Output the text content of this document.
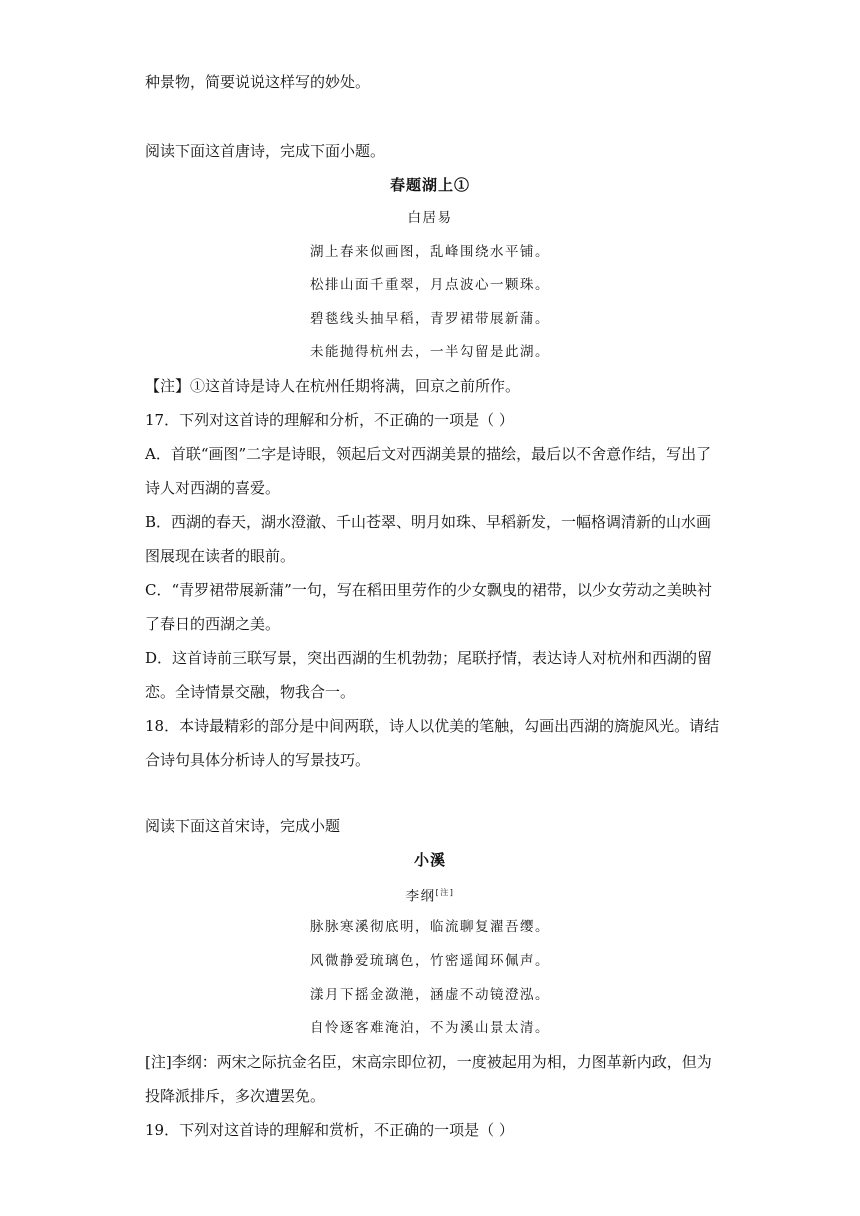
种景物，简要说说这样写的妙处。
阅读下面这首唐诗，完成下面小题。
春题湖上①
白居易
湖上春来似画图，乱峰围绕水平铺。
松排山面千重翠，月点波心一颗珠。
碧毯线头抽早稻，青罗裙带展新蒲。
未能抛得杭州去，一半勾留是此湖。
【注】①这首诗是诗人在杭州任期将满，回京之前所作。
17．下列对这首诗的理解和分析，不正确的一项是（ ）
A．首联“画图”二字是诗眼，领起后文对西湖美景的描绘，最后以不舍意作结，写出了
诗人对西湖的喜爱。
B．西湖的春天，湖水澄澈、千山苍翠、明月如珠、早稻新发，一幅格调清新的山水画
图展现在读者的眼前。
C．“青罗裙带展新蒲”一句，写在稻田里劳作的少女飘曳的裙带，以少女劳动之美映衬
了春日的西湖之美。
D．这首诗前三联写景，突出西湖的生机勃勃；尾联抒情，表达诗人对杭州和西湖的留
恋。全诗情景交融，物我合一。
18．本诗最精彩的部分是中间两联，诗人以优美的笔触，勾画出西湖的旖旎风光。请结
合诗句具体分析诗人的写景技巧。
阅读下面这首宋诗，完成小题
小溪
李纲[注]
脉脉寒溪彻底明，临流聊复濯吾缨。
风微静爱琉璃色，竹密遥闻环佩声。
漾月下摇金潋滟，涵虚不动镜澄泓。
自怜逐客难淹泊，不为溪山景太清。
[注]李纲：两宋之际抗金名臣，宋高宗即位初，一度被起用为相，力图革新内政，但为
投降派排斥，多次遭罢免。
19．下列对这首诗的理解和赏析，不正确的一项是（ ）
